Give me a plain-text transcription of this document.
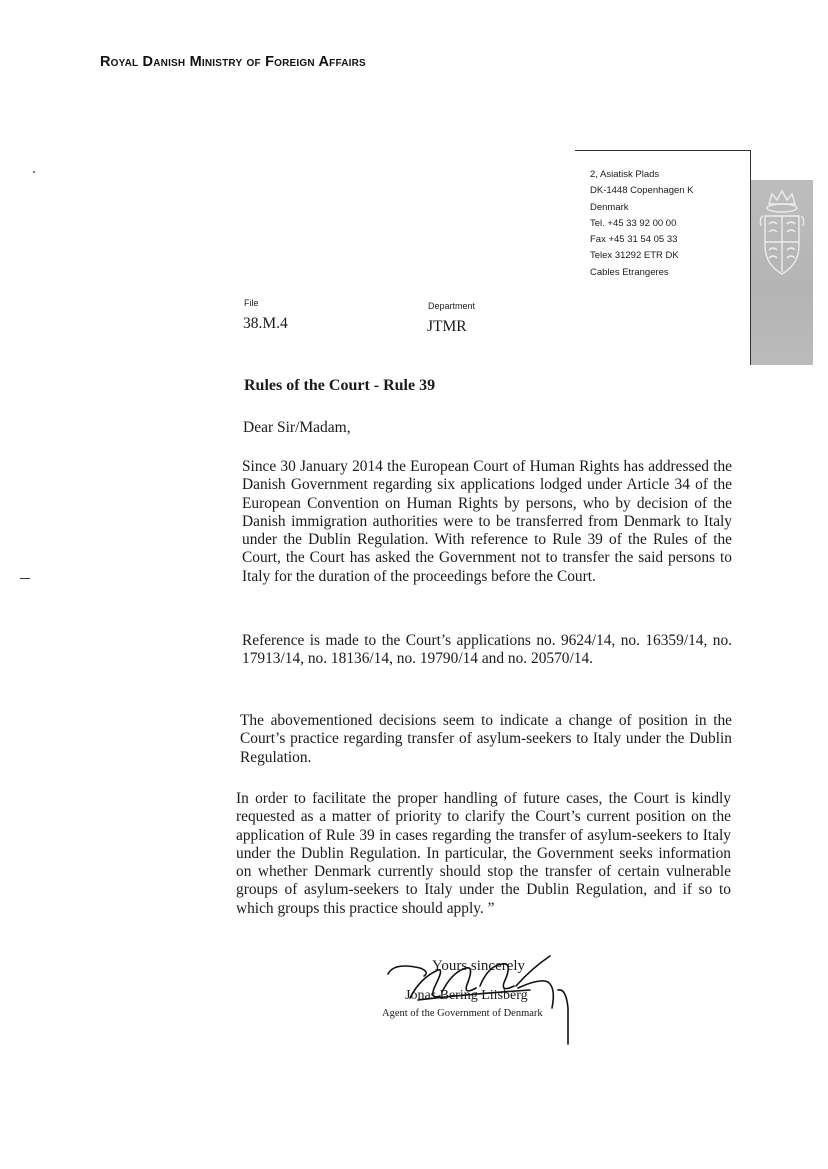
Royal Danish Ministry of Foreign Affairs
2, Asiatisk Plads
DK-1448 Copenhagen K
Denmark
Tel. +45 33 92 00 00
Fax +45 31 54 05 33
Telex 31292 ETR DK
Cables Etrangeres
File
38.M.4
Department
JTMR
Rules of the Court - Rule 39
Dear Sir/Madam,

Since 30 January 2014 the European Court of Human Rights has addressed the Danish Government regarding six applications lodged under Article 34 of the European Convention on Human Rights by persons, who by decision of the Danish immigration authorities were to be transferred from Denmark to Italy under the Dublin Regulation. With reference to Rule 39 of the Rules of the Court, the Court has asked the Government not to transfer the said persons to Italy for the duration of the proceedings before the Court.

Reference is made to the Court’s applications no. 9624/14, no. 16359/14, no. 17913/14, no. 18136/14, no. 19790/14 and no. 20570/14.

The abovementioned decisions seem to indicate a change of position in the Court’s practice regarding transfer of asylum-seekers to Italy under the Dublin Regulation.

In order to facilitate the proper handling of future cases, the Court is kindly requested as a matter of priority to clarify the Court’s current position on the application of Rule 39 in cases regarding the transfer of asylum-seekers to Italy under the Dublin Regulation. In particular, the Government seeks information on whether Denmark currently should stop the transfer of certain vulnerable groups of asylum-seekers to Italy under the Dublin Regulation, and if so to which groups this practice should apply. ”

Yours sincerely
Jonas Bering Liisberg
Agent of the Government of Denmark
